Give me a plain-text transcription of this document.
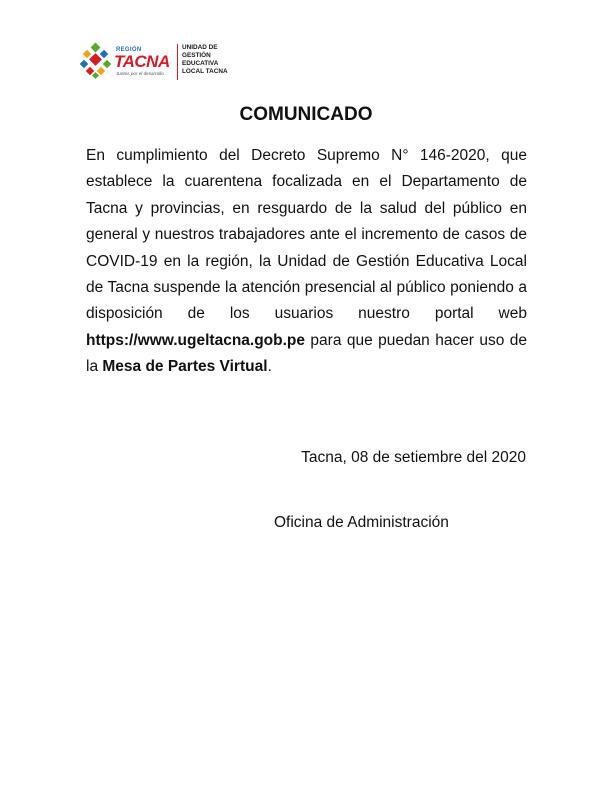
REGIÓN
TACNA
Juntos por el desarrollo
UNIDAD DE
GESTIÓN
EDUCATIVA
LOCAL TACNA
COMUNICADO

En cumplimiento del Decreto Supremo N° 146-2020, que establece la cuarentena focalizada en el Departamento de Tacna y provincias, en resguardo de la salud del público en general y nuestros trabajadores ante el incremento de casos de COVID-19 en la región, la Unidad de Gestión Educativa Local de Tacna suspende la atención presencial al público poniendo a disposición de los usuarios nuestro portal web https://www.ugeltacna.gob.pe para que puedan hacer uso de la Mesa de Partes Virtual.

Tacna, 08 de setiembre del 2020
Oficina de Administración
